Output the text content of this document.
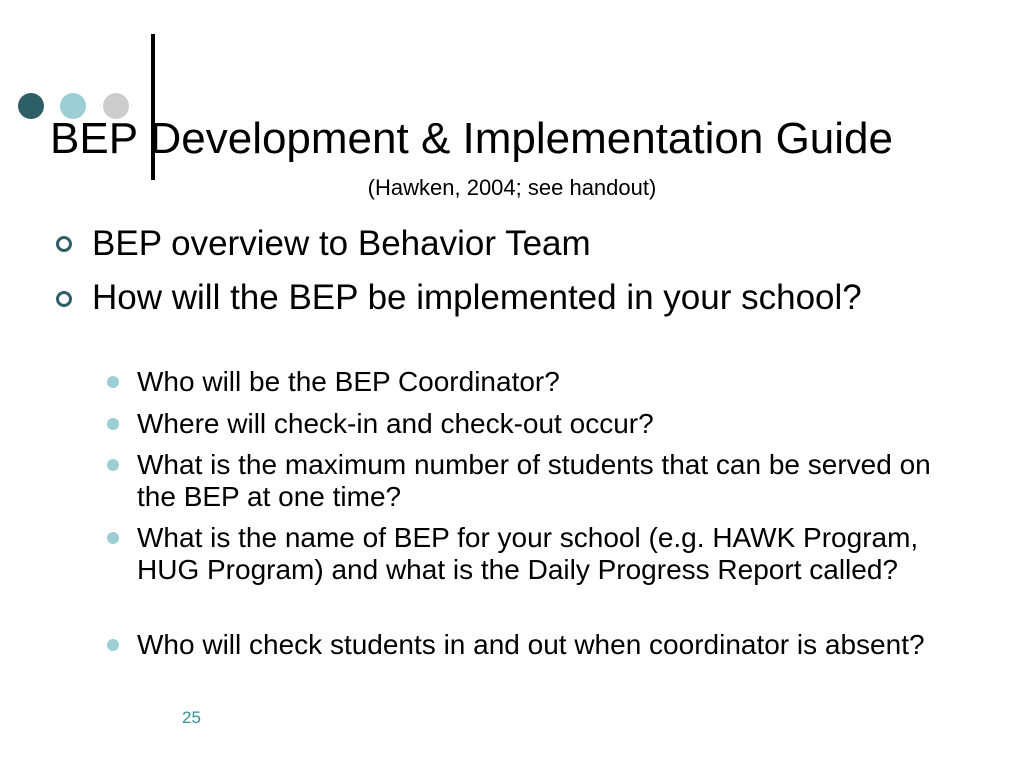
BEP Development & Implementation Guide
(Hawken, 2004; see handout)
BEP overview to Behavior Team
How will the BEP be implemented in your school?
Who will be the BEP Coordinator?
Where will check-in and check-out occur?
What is the maximum number of students that can be served on the BEP at one time?
What is the name of BEP for your school (e.g. HAWK Program, HUG Program) and what is the Daily Progress Report called?
Who will check students in and out when coordinator is absent?
25
